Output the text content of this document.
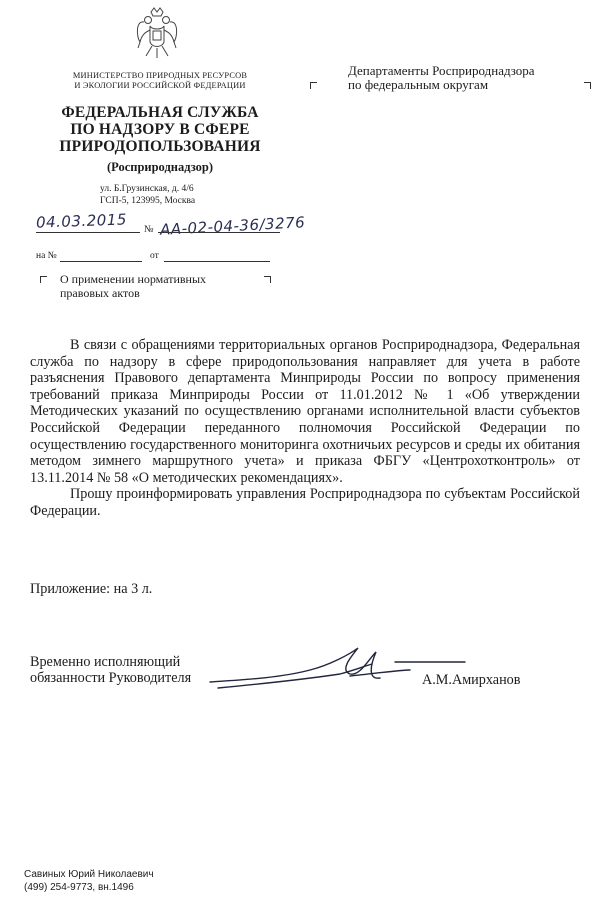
МИНИСТЕРСТВО ПРИРОДНЫХ РЕСУРСОВ
И ЭКОЛОГИИ РОССИЙСКОЙ ФЕДЕРАЦИИ
ФЕДЕРАЛЬНАЯ СЛУЖБА
ПО НАДЗОРУ В СФЕРЕ
ПРИРОДОПОЛЬЗОВАНИЯ
(Росприроднадзор)
ул. Б.Грузинская, д. 4/6
ГСП-5, 123995, Москва
04.03.2015 № АА-02-04-36/3276
на №	от
О применении нормативных
правовых актов
Департаменты Росприроднадзора
по федеральным округам

В связи с обращениями территориальных органов Росприроднадзора, Федеральная служба по надзору в сфере природопользования направляет для учета в работе разъяснения Правового департамента Минприроды России по вопросу применения требований приказа Минприроды России от 11.01.2012 № 1 «Об утверждении Методических указаний по осуществлению органами исполнительной власти субъектов Российской Федерации переданного полномочия Российской Федерации по осуществлению государственного мониторинга охотничьих ресурсов и среды их обитания методом зимнего маршрутного учета» и приказа ФБГУ «Центрохотконтроль» от 13.11.2014 № 58 «О методических рекомендациях».

Прошу проинформировать управления Росприроднадзора по субъектам Российской Федерации.

Приложение: на 3 л.
Временно исполняющий
обязанности Руководителя	А.М.Амирханов
Савиных Юрий Николаевич
(499) 254-9773, вн.1496
